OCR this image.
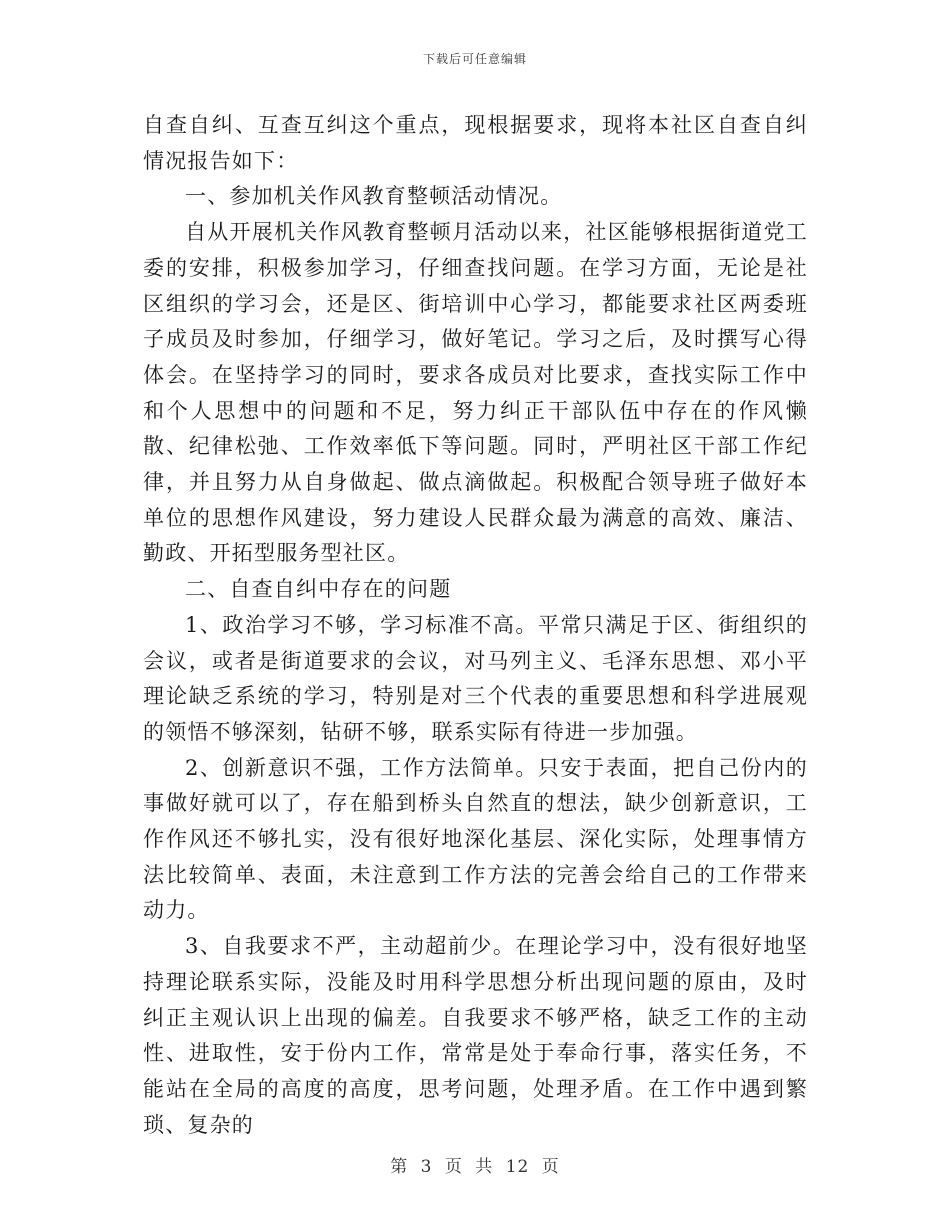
下载后可任意编辑

自查自纠、互查互纠这个重点，现根据要求，现将本社区自查自纠情况报告如下：

一、参加机关作风教育整顿活动情况。

自从开展机关作风教育整顿月活动以来，社区能够根据街道党工委的安排，积极参加学习，仔细查找问题。在学习方面，无论是社区组织的学习会，还是区、街培训中心学习，都能要求社区两委班子成员及时参加，仔细学习，做好笔记。学习之后，及时撰写心得体会。在坚持学习的同时，要求各成员对比要求，查找实际工作中和个人思想中的问题和不足，努力纠正干部队伍中存在的作风懒散、纪律松弛、工作效率低下等问题。同时，严明社区干部工作纪律，并且努力从自身做起、做点滴做起。积极配合领导班子做好本单位的思想作风建设，努力建设人民群众最为满意的高效、廉洁、勤政、开拓型服务型社区。

二、自查自纠中存在的问题

1、政治学习不够，学习标准不高。平常只满足于区、街组织的会议，或者是街道要求的会议，对马列主义、毛泽东思想、邓小平理论缺乏系统的学习，特别是对三个代表的重要思想和科学进展观的领悟不够深刻，钻研不够，联系实际有待进一步加强。

2、创新意识不强，工作方法简单。只安于表面，把自己份内的事做好就可以了，存在船到桥头自然直的想法，缺少创新意识，工作作风还不够扎实，没有很好地深化基层、深化实际，处理事情方法比较简单、表面，未注意到工作方法的完善会给自己的工作带来动力。

3、自我要求不严，主动超前少。在理论学习中，没有很好地坚持理论联系实际，没能及时用科学思想分析出现问题的原由，及时纠正主观认识上出现的偏差。自我要求不够严格，缺乏工作的主动性、进取性，安于份内工作，常常是处于奉命行事，落实任务，不能站在全局的高度的高度，思考问题，处理矛盾。在工作中遇到繁琐、复杂的

第 3 页 共 12 页
